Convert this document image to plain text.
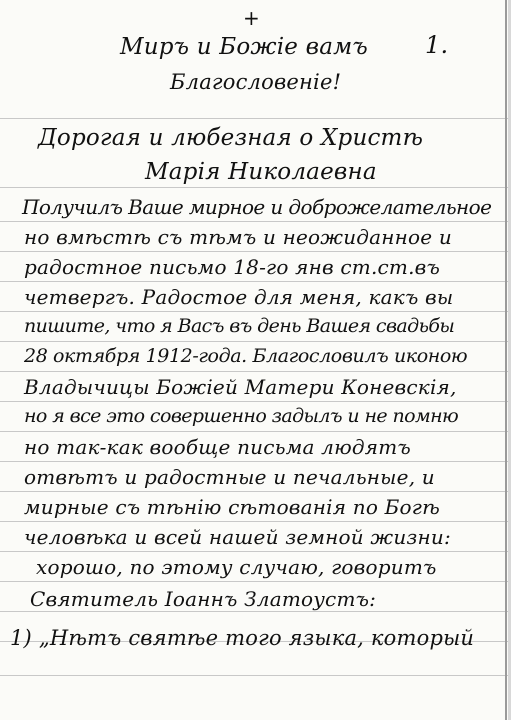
+
Миръ и Божіе вамъ 1.
Благословеніе!
Дорогая и любезная о Христѣ
Марія Николаевна
Получилъ Ваше мирное и доброжелательное
но вмѣстѣ съ тѣмъ и неожиданное и
радостное письмо 18-го янв ст.ст.въ
четвергъ. Радостое для меня, какъ вы
пишите, что я Васъ въ день Вашея свадьбы
28 октября 1912-года. Благословилъ иконою
Владычицы Божіей Матери Коневскія,
но я все это совершенно задылъ и не помню
но так-как вообще письма людятъ
отвѣтъ и радостные и печальные, и
мирные съ тѣнію сѣтованія по Богѣ
человѣка и всей нашей земной жизни:
хорошо, по этому случаю, говоритъ
Святитель Іоаннъ Златоустъ:
1) „Нѣтъ святѣе того языка, который
